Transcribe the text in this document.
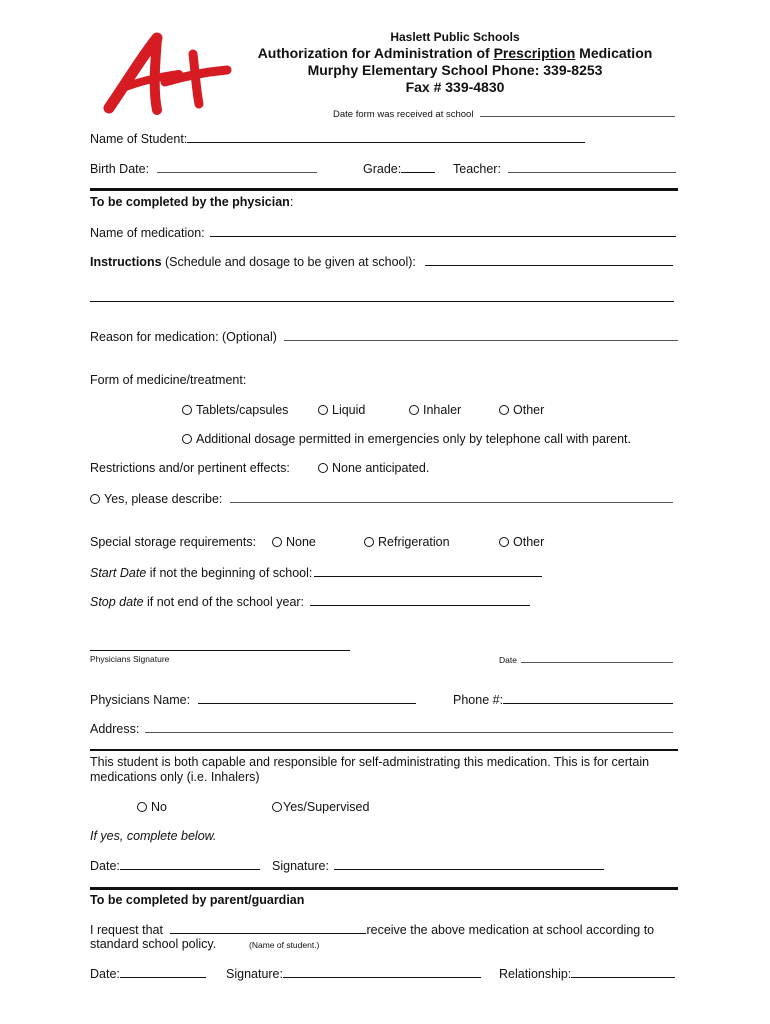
Haslett Public Schools
Authorization for Administration of Prescription Medication
Murphy Elementary School Phone: 339-8253
Fax # 339-4830
Date form was received at school
Name of Student:
Birth Date:	Grade:	Teacher:
To be completed by the physician:
Name of medication:
Instructions (Schedule and dosage to be given at school):
Reason for medication: (Optional)
Form of medicine/treatment:
Tablets/capsules	Liquid	Inhaler	Other
Additional dosage permitted in emergencies only by telephone call with parent.
Restrictions and/or pertinent effects:	None anticipated.
Yes, please describe:
Special storage requirements:	None	Refrigeration	Other
Start Date if not the beginning of school:
Stop date if not end of the school year:
Physicians Signature	Date
Physicians Name:	Phone #:
Address:
This student is both capable and responsible for self-administrating this medication. This is for certain
medications only (i.e. Inhalers)
No	Yes/Supervised
If yes, complete below.
Date:	Signature:
To be completed by parent/guardian
I request that	receive the above medication at school according to
standard school policy.	(Name of student.)
Date:	Signature:	Relationship:
